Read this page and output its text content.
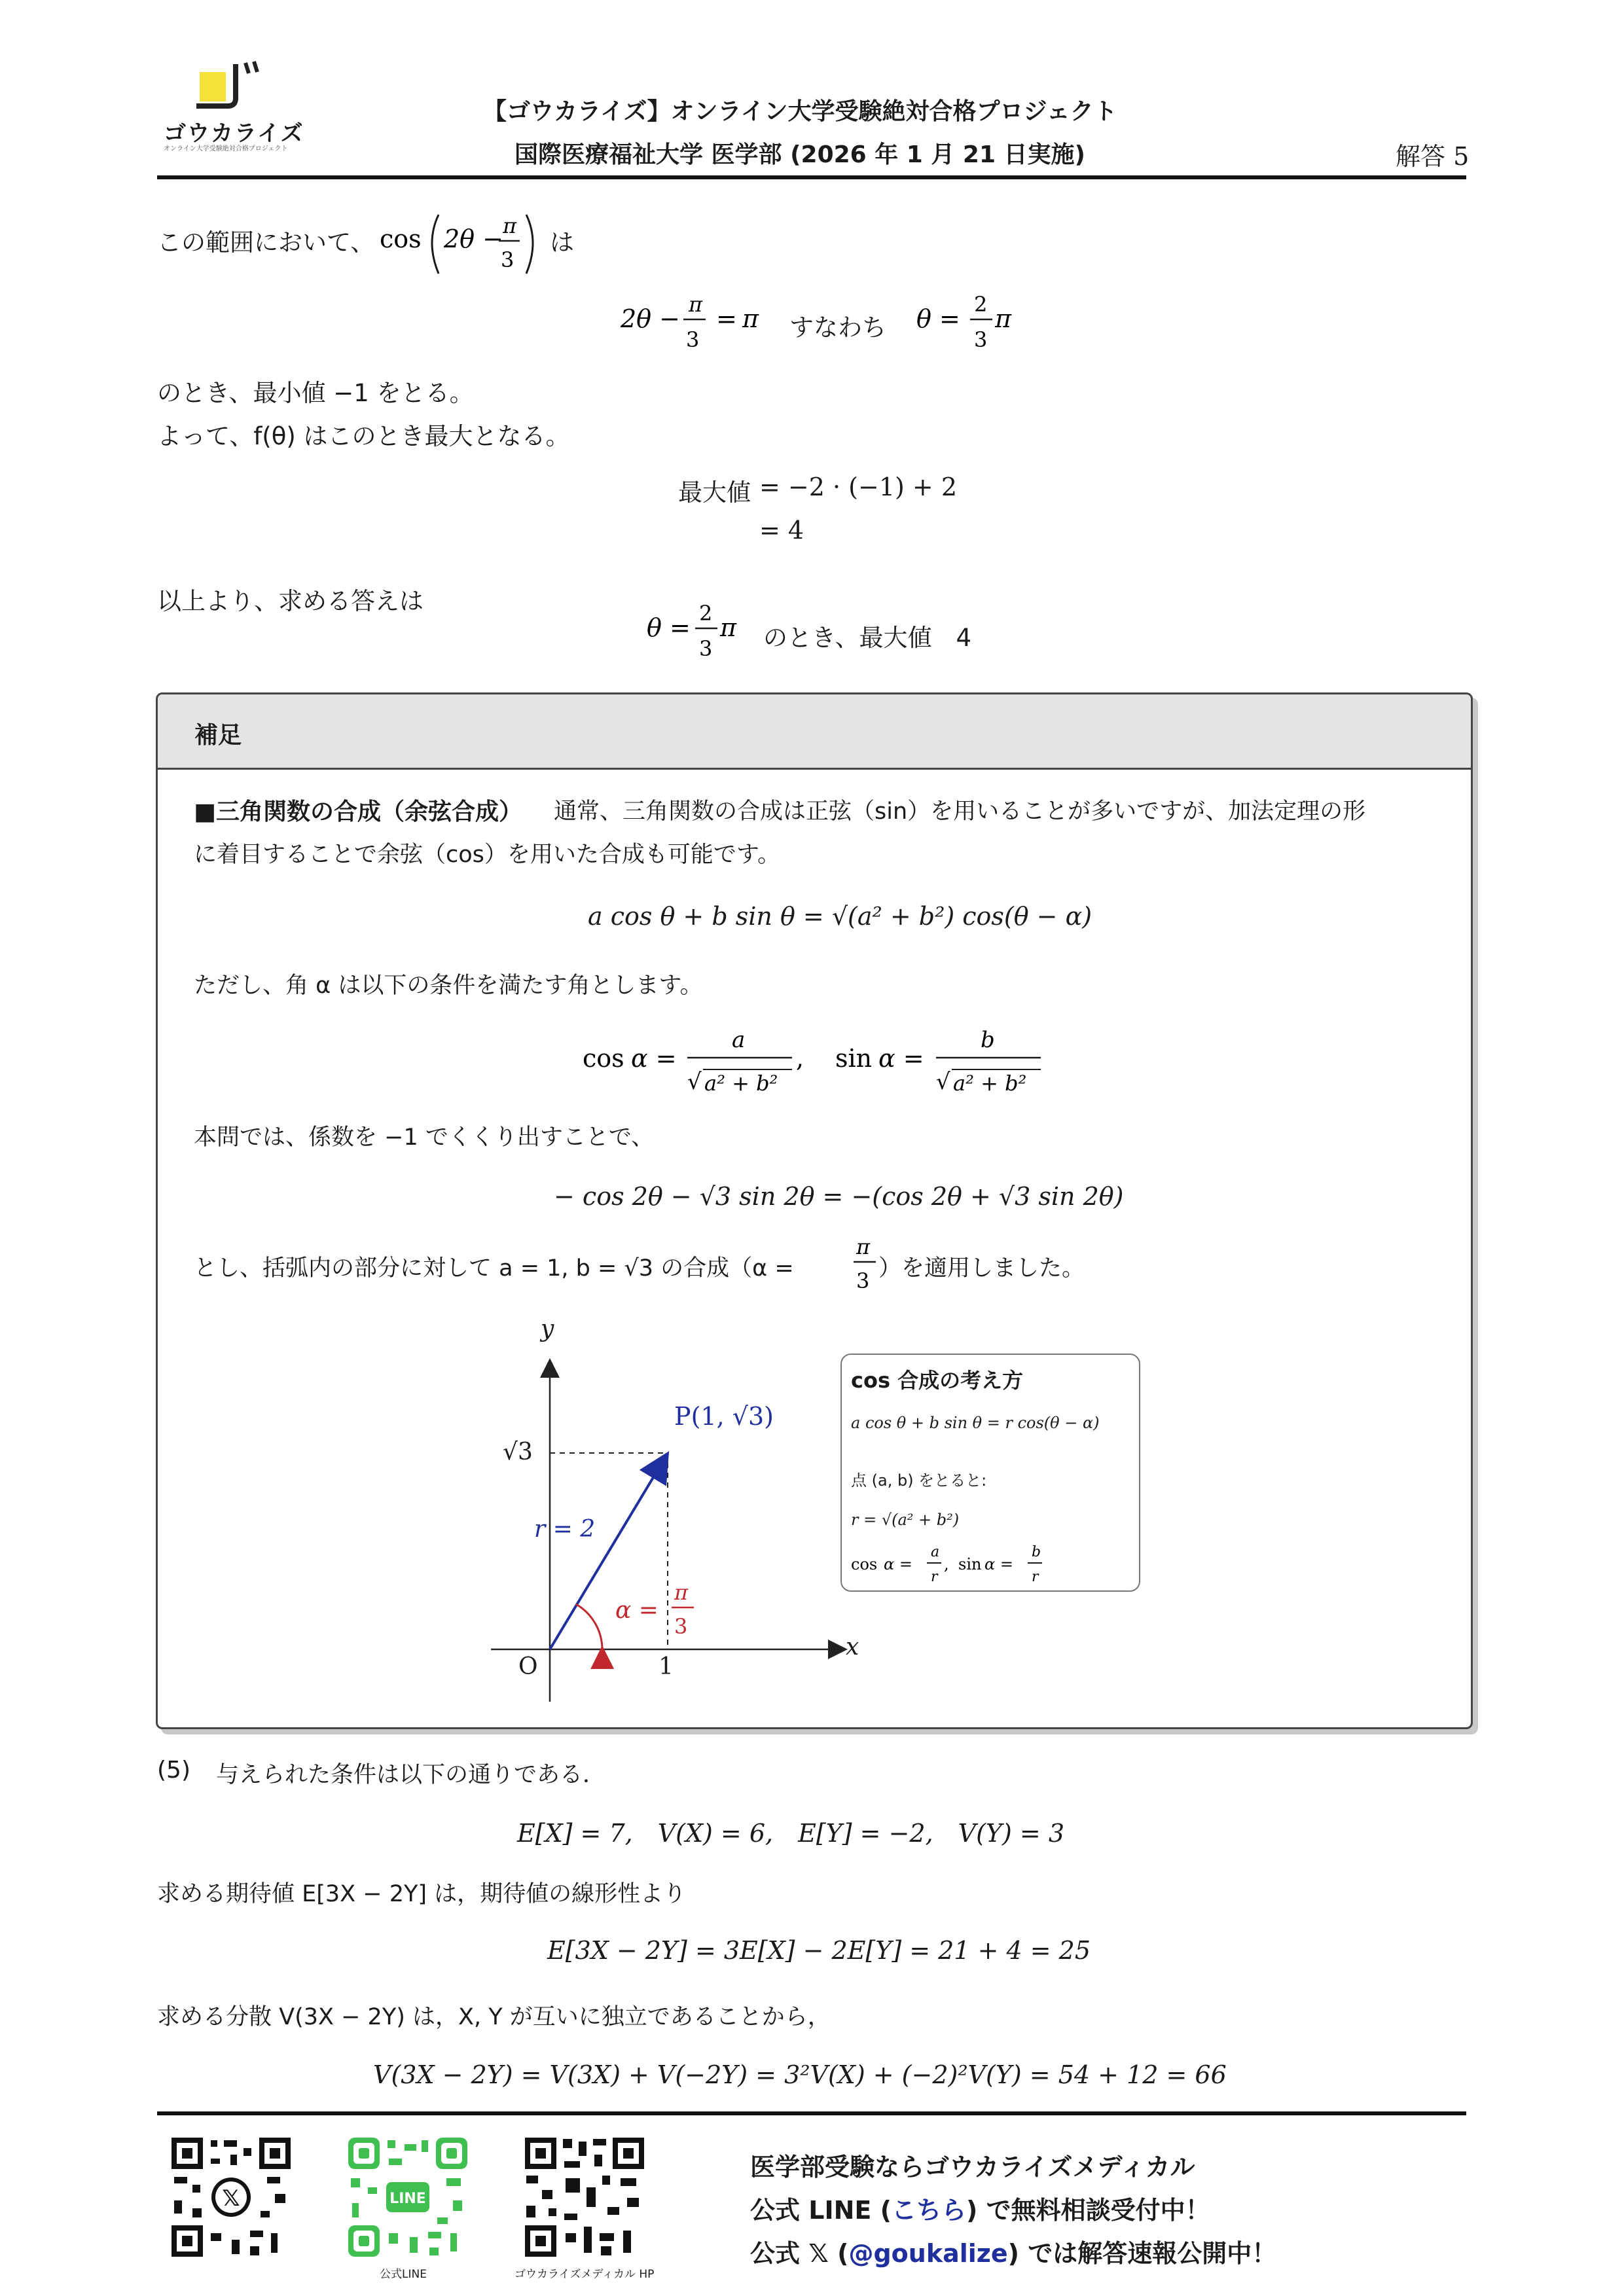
ゴウカライズ
オンライン大学受験絶対合格プロジェクト
【ゴウカライズ】オンライン大学受験絶対合格プロジェクト
国際医療福祉大学 医学部 (2026 年 1 月 21 日実施)	解答 5
この範囲において、 cos 2θ − π
3
は
2θ − π
3
= π	θ = 2
3
π
すなわち
のとき、最小値 −1 をとる。
よって、f(θ) はこのとき最大となる。
最大値 = −2 · (−1) + 2
= 4
以上より、求める答えは
θ = 2
3
π のとき、最大値　4
補足
■三角関数の合成（余弦合成） 通常、三角関数の合成は正弦（sin）を用いることが多いですが、加法定理の形
に着目することで余弦（cos）を用いた合成も可能です。
a cos θ + b sin θ = √(a² + b²) cos(θ − α)
ただし、角 α は以下の条件を満たす角とします。
cos α =
a
√ a² + b²
, sin α =
b
√ a² + b²
本問では、係数を −1 でくくり出すことで、
− cos 2θ − √3 sin 2θ = −(cos 2θ + √3 sin 2θ)
とし、括弧内の部分に対して a = 1, b = √3 の合成（α =
π
3 ）を適用しました。
y
x
O	1
√3
P(1, √3)
r = 2
α =
π
3
cos 合成の考え方
a cos θ + b sin θ = r cos(θ − α)
点 (a, b) をとると:
r = √(a² + b²)
cos α =
a
r
, sin α =
b
r
(5) 与えられた条件は以下の通りである．
E[X] = 7,　V(X) = 6,　E[Y] = −2,　V(Y) = 3
求める期待値 E[3X − 2Y] は，期待値の線形性より
E[3X − 2Y] = 3E[X] − 2E[Y] = 21 + 4 = 25
求める分散 V(3X − 2Y) は，X, Y が互いに独立であることから，
V(3X − 2Y) = V(3X) + V(−2Y) = 3²V(X) + (−2)²V(Y) = 54 + 12 = 66
𝕏	LINE
公式LINE	ゴウカライズメディカル HP
医学部受験ならゴウカライズメディカル
公式 LINE (こちら) で無料相談受付中！
公式 𝕏 (@goukalize) では解答速報公開中！
